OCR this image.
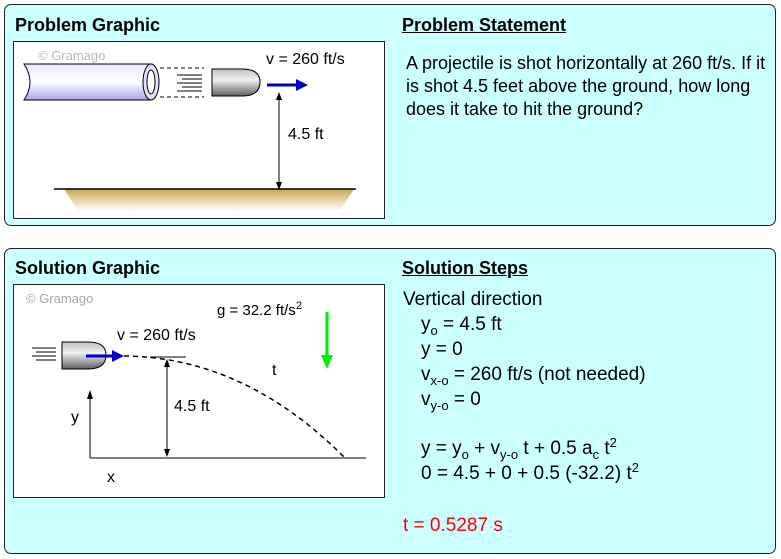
Problem Graphic	Problem Statement
© Gramago	v = 260 ft/s
4.5 ft

A projectile is shot horizontally at 260 ft/s. If it is shot 4.5 feet above the ground, how long does it take to hit the ground?

Solution Graphic	Solution Steps
© Gramago
g = 32.2 $ft/s^2$
v = 260 ft/s
t
4.5 ft
y
x
Vertical direction
$y_o = 4.5$ ft
y = 0
$v_{x-o} = 260$ ft/s (not needed)
$v_{y-o} = 0$
$y = y_o + v_{y-o}$ t + 0.5 $a_c$ $t^2$
0 = 4.5 + 0 + 0.5 (-32.2) $t^2$
t = 0.5287 s
